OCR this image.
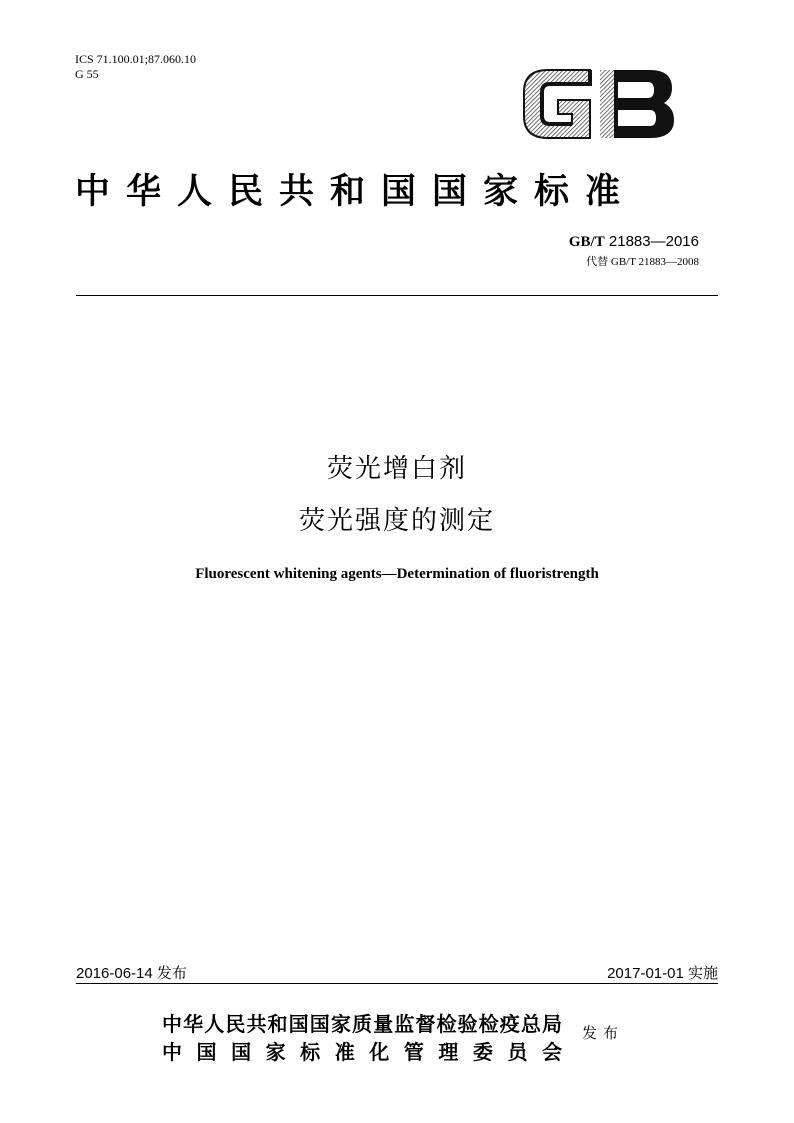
ICS 71.100.01;87.060.10
G 55
中华人民共和国国家标准
GB/T 21883—2016
代替 GB/T 21883—2008
荧光增白剂
荧光强度的测定
Fluorescent whitening agents—Determination of fluoristrength
2016-06-14 发布	2017-01-01 实施
中华人民共和国国家质量监督检验检疫总局
中国国家标准化管理委员会
发布
